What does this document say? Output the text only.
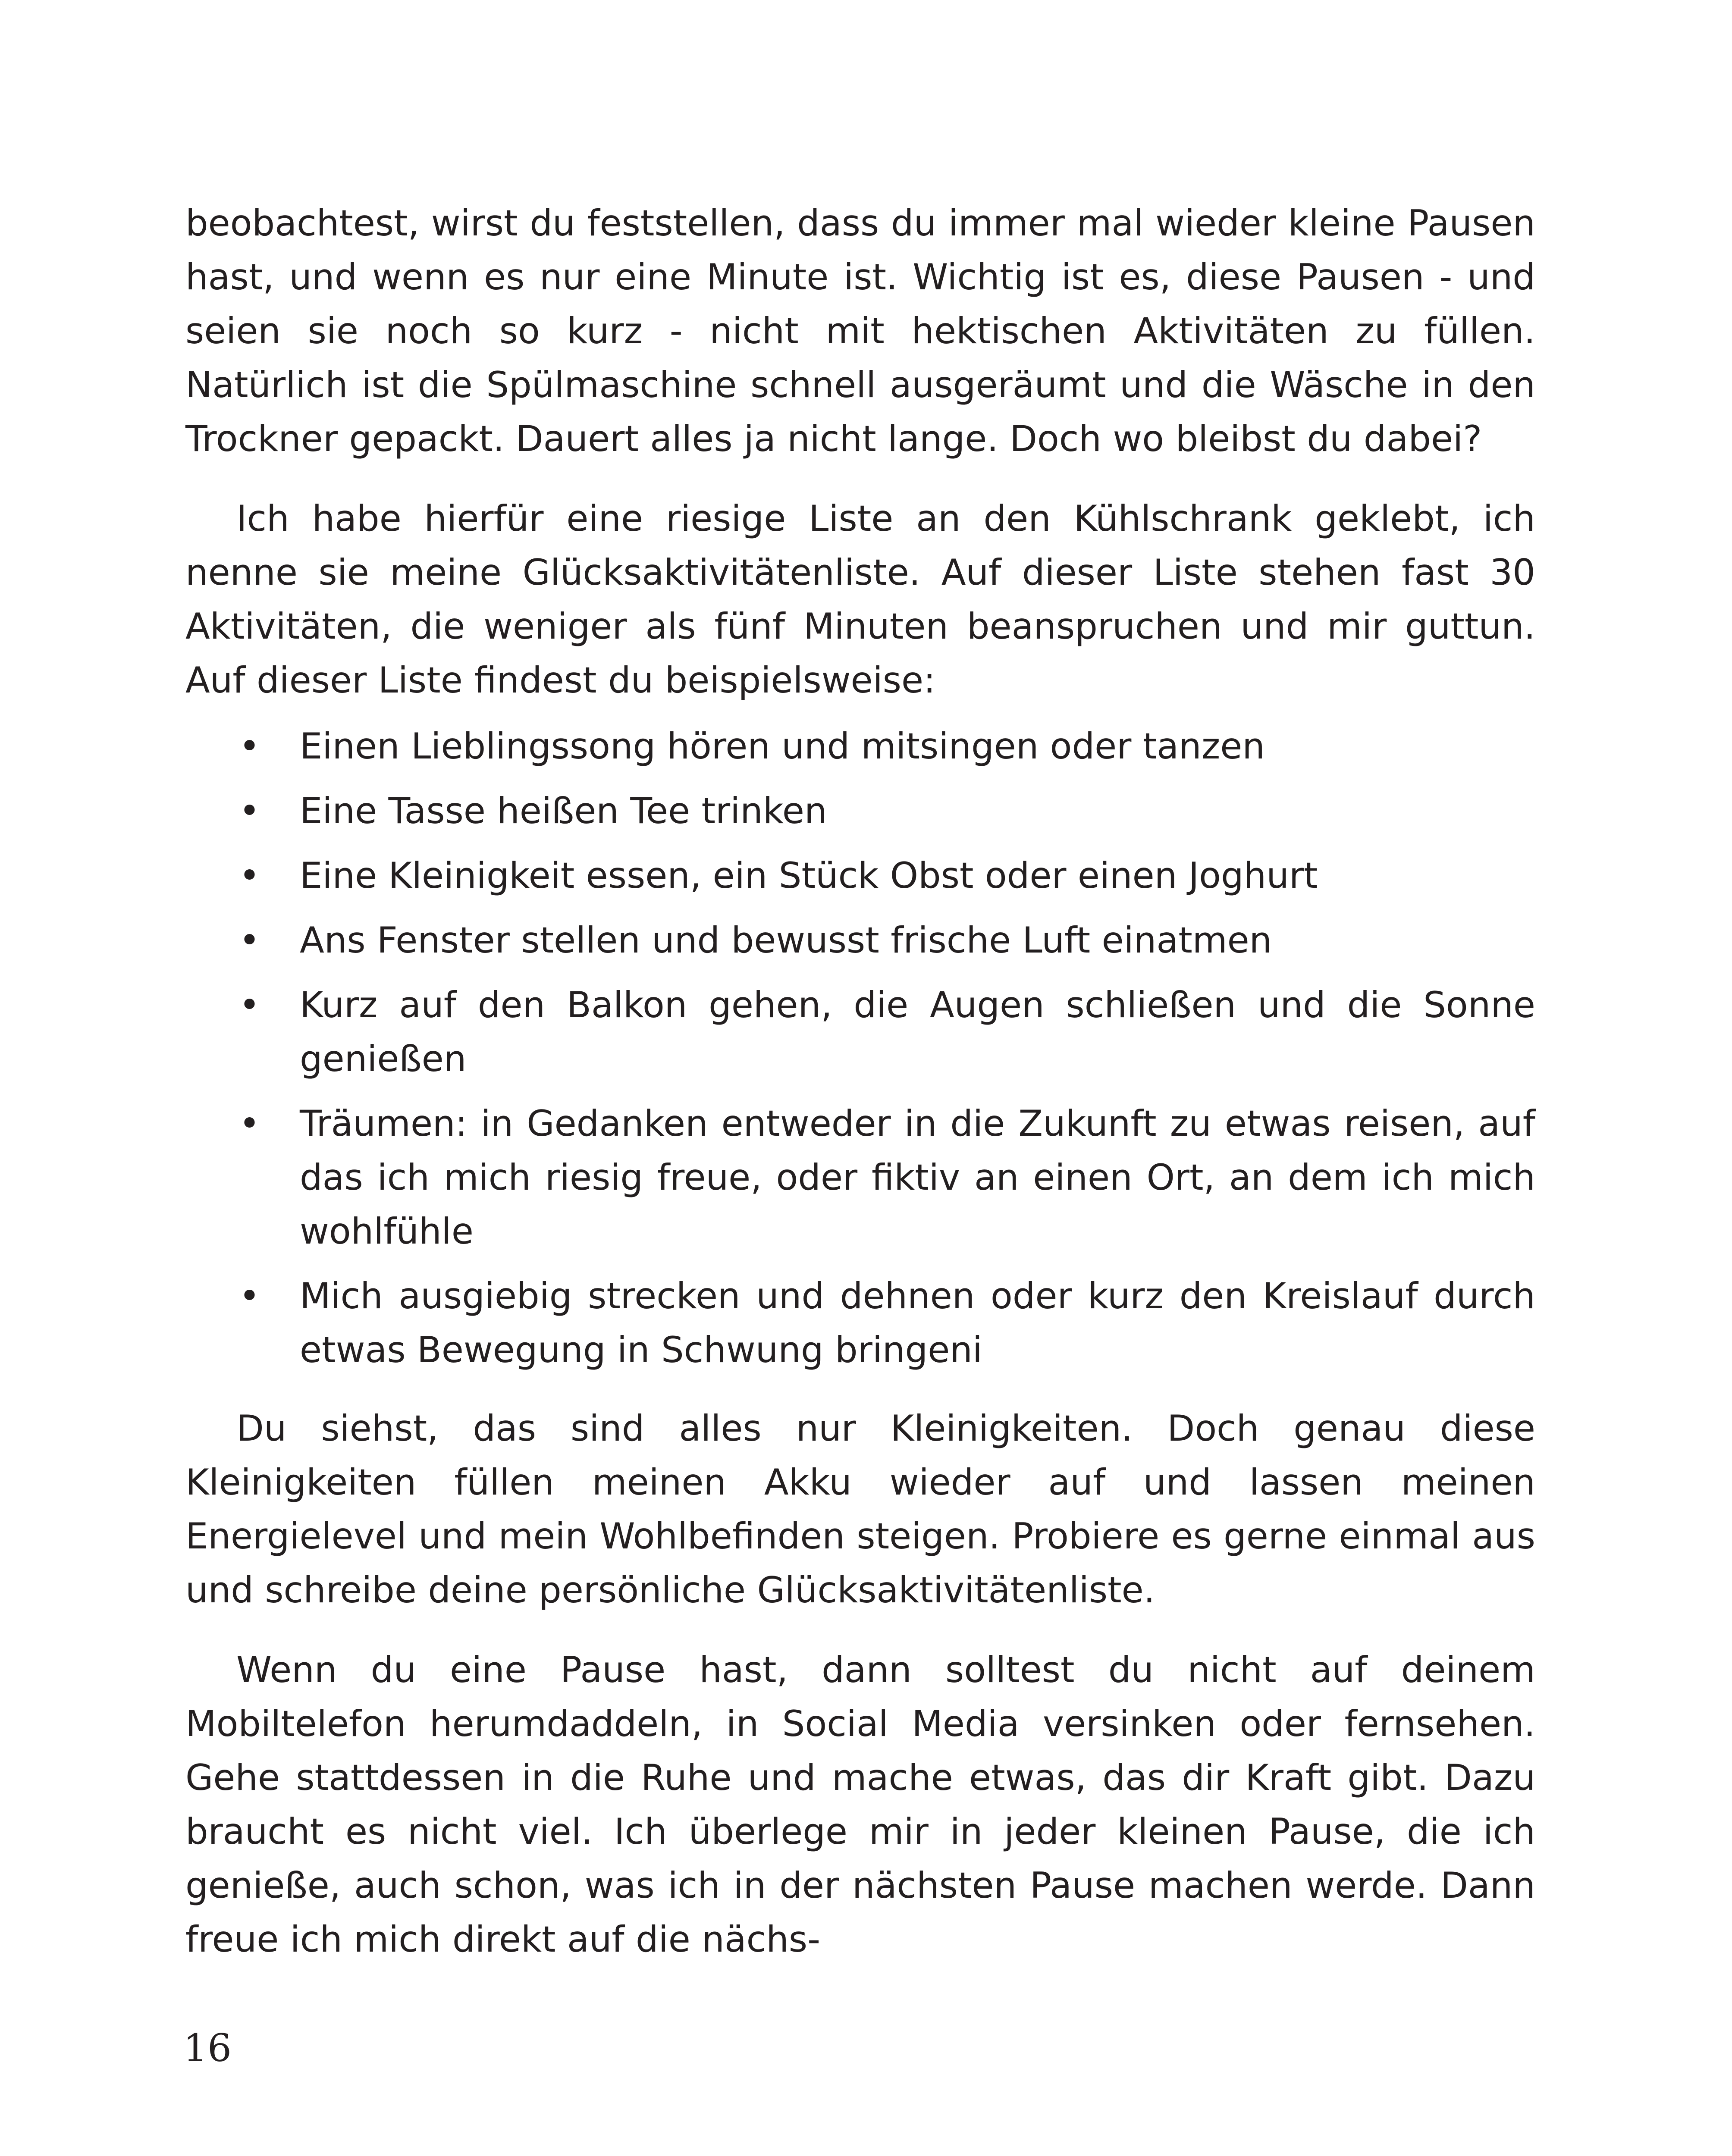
beobachtest, wirst du feststellen, dass du immer mal wieder kleine Pausen hast, und wenn es nur eine Minute ist. Wichtig ist es, diese Pausen - und seien sie noch so kurz - nicht mit hektischen Aktivitäten zu füllen. Natürlich ist die Spülmaschine schnell ausgeräumt und die Wäsche in den Trockner gepackt. Dauert alles ja nicht lange. Doch wo bleibst du dabei?

Ich habe hierfür eine riesige Liste an den Kühlschrank geklebt, ich nenne sie meine Glücksaktivitätenliste. Auf dieser Liste stehen fast 30 Aktivitäten, die weniger als fünf Minuten beanspruchen und mir guttun. Auf dieser Liste findest du beispielsweise:

• Einen Lieblingssong hören und mitsingen oder tanzen
• Eine Tasse heißen Tee trinken
• Eine Kleinigkeit essen, ein Stück Obst oder einen Joghurt
• Ans Fenster stellen und bewusst frische Luft einatmen
• Kurz auf den Balkon gehen, die Augen schließen und die Sonne genießen
• Träumen: in Gedanken entweder in die Zukunft zu etwas reisen, auf das ich mich riesig freue, oder fiktiv an einen Ort, an dem ich mich wohlfühle
• Mich ausgiebig strecken und dehnen oder kurz den Kreislauf durch etwas Bewegung in Schwung bringeni

Du siehst, das sind alles nur Kleinigkeiten. Doch genau diese Kleinigkeiten füllen meinen Akku wieder auf und lassen meinen Energielevel und mein Wohlbefinden steigen. Probiere es gerne einmal aus und schreibe deine persönliche Glücksaktivitätenliste.

Wenn du eine Pause hast, dann solltest du nicht auf deinem Mobiltelefon herumdaddeln, in Social Media versinken oder fernsehen. Gehe stattdessen in die Ruhe und mache etwas, das dir Kraft gibt. Dazu braucht es nicht viel. Ich überlege mir in jeder kleinen Pause, die ich genieße, auch schon, was ich in der nächsten Pause machen werde. Dann freue ich mich direkt auf die nächs-

16
